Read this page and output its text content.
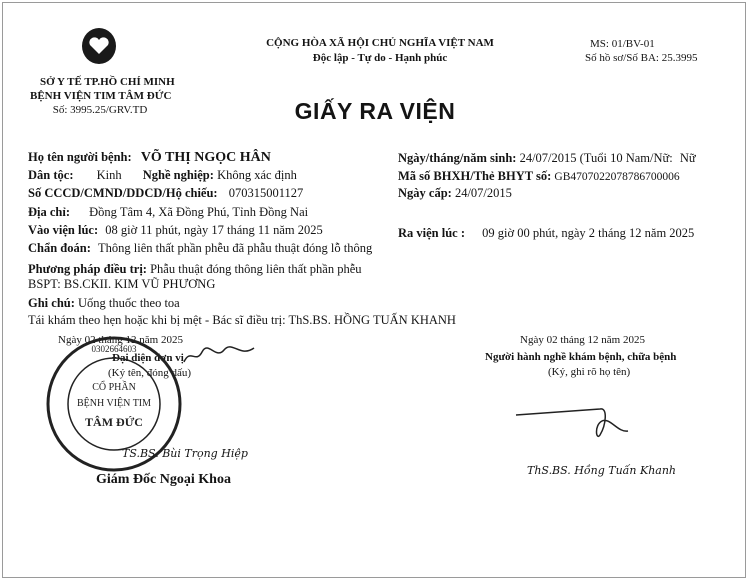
SỞ Y TẾ TP.HỒ CHÍ MINH
BỆNH VIỆN TIM TÂM ĐỨC
Số: 3995.25/GRV.TD
CỘNG HÒA XÃ HỘI CHỦ NGHĨA VIỆT NAM
Độc lập - Tự do - Hạnh phúc
MS: 01/BV-01
Số hồ sơ/Số BA: 25.3995
GIẤY RA VIỆN
Họ tên người bệnh: VÕ THỊ NGỌC HÂN	Ngày/tháng/năm sinh: 24/07/2015 (Tuổi 10 Nam/Nữ: Nữ
Dân tộc: Kinh Nghề nghiệp: Không xác định	Mã số BHXH/Thẻ BHYT số: GB4707022078786700006
Số CCCD/CMND/DDCD/Hộ chiếu: 070315001127	Ngày cấp: 24/07/2015
Địa chỉ: Đồng Tâm 4, Xã Đồng Phú, Tỉnh Đồng Nai
Vào viện lúc: 08 giờ 11 phút, ngày 17 tháng 11 năm 2025	Ra viện lúc : 09 giờ 00 phút, ngày 2 tháng 12 năm 2025
Chẩn đoán: Thông liên thất phần phễu đã phẫu thuật đóng lỗ thông
Phương pháp điều trị: Phẫu thuật đóng thông liên thất phần phễu
BSPT: BS.CKII. KIM VŨ PHƯƠNG
Ghi chú: Uống thuốc theo toa
Tái khám theo hẹn hoặc khi bị mệt - Bác sĩ điều trị: ThS.BS. HỒNG TUẤN KHANH
Ngày 02 tháng 12 năm 2025
Đại diện đơn vị
(Ký tên, đóng dấu)
0302664603
CỔ PHẦN
BỆNH VIỆN TIM
TÂM ĐỨC
TS.BS. Bùi Trọng Hiệp
Giám Đốc Ngoại Khoa
Ngày 02 tháng 12 năm 2025
Người hành nghề khám bệnh, chữa bệnh
(Ký, ghi rõ họ tên)
ThS.BS. Hồng Tuấn Khanh
